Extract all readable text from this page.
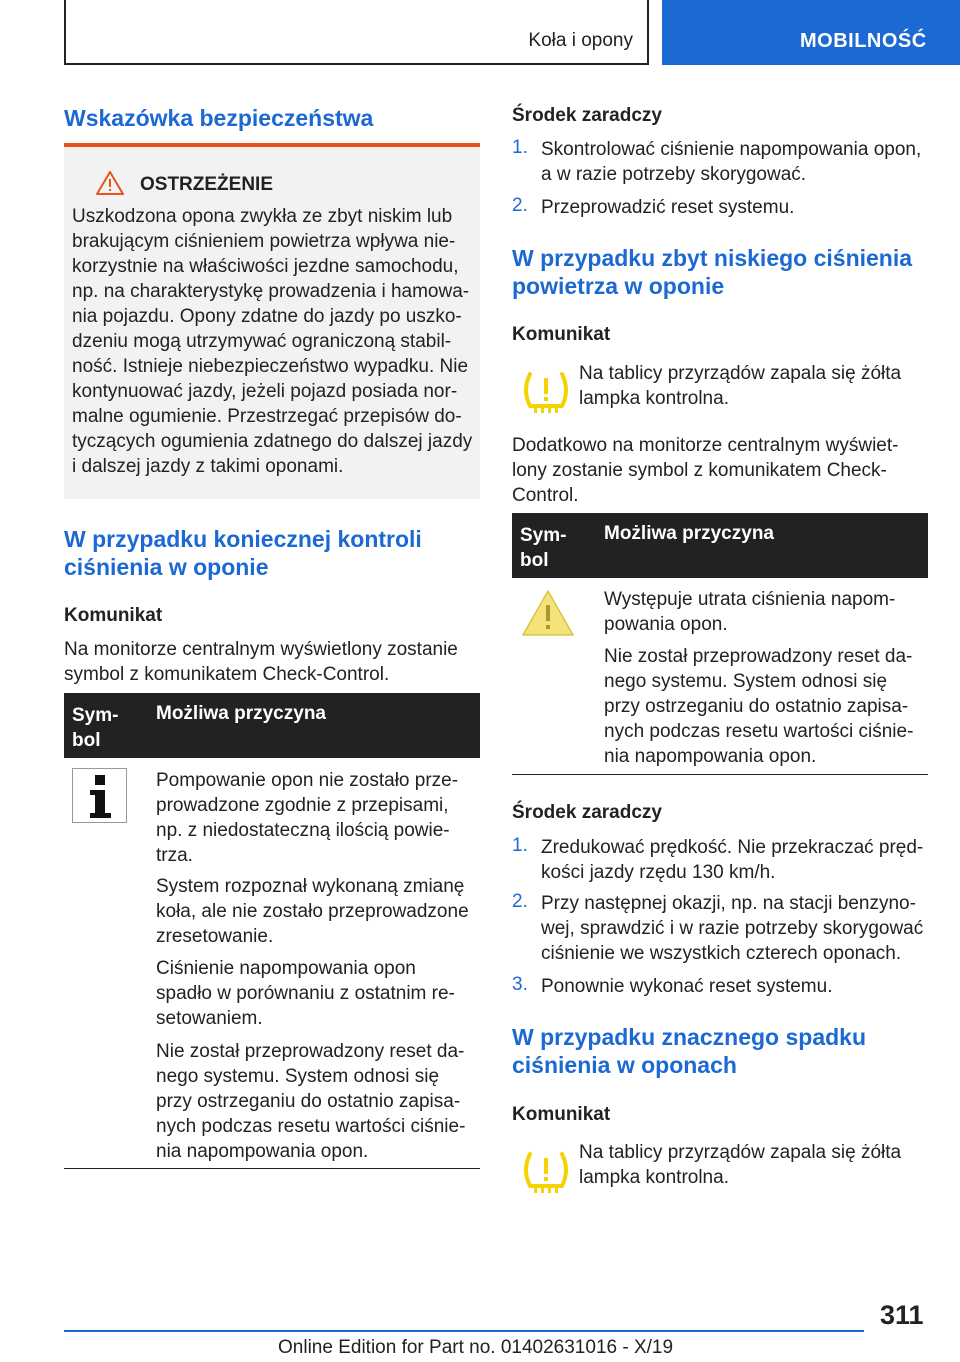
Koła i opony	MOBILNOŚĆ
Wskazówka bezpieczeństwa
OSTRZEŻENIE
Uszkodzona opona zwykła ze zbyt niskim lub
brakującym ciśnieniem powietrza wpływa nie-
korzystnie na właściwości jezdne samochodu,
np. na charakterystykę prowadzenia i hamowa-
nia pojazdu. Opony zdatne do jazdy po uszko-
dzeniu mogą utrzymywać ograniczoną stabil-
ność. Istnieje niebezpieczeństwo wypadku. Nie
kontynuować jazdy, jeżeli pojazd posiada nor-
malne ogumienie. Przestrzegać przepisów do-
tyczących ogumienia zdatnego do dalszej jazdy
i dalszej jazdy z takimi oponami.
W przypadku koniecznej kontroli
ciśnienia w oponie
Komunikat
Na monitorze centralnym wyświetlony zostanie
symbol z komunikatem Check-Control.
Sym-
bol
Możliwa przyczyna
Pompowanie opon nie zostało prze-
prowadzone zgodnie z przepisami,
np. z niedostateczną ilością powie-
trza.
System rozpoznał wykonaną zmianę
koła, ale nie zostało przeprowadzone
zresetowanie.
Ciśnienie napompowania opon
spadło w porównaniu z ostatnim re-
setowaniem.
Nie został przeprowadzony reset da-
nego systemu. System odnosi się
przy ostrzeganiu do ostatnio zapisa-
nych podczas resetu wartości ciśnie-
nia napompowania opon.
Środek zaradczy
1. Skontrolować ciśnienie napompowania opon,
a w razie potrzeby skorygować.
2. Przeprowadzić reset systemu.
W przypadku zbyt niskiego ciśnienia
powietrza w oponie
Komunikat
Na tablicy przyrządów zapala się żółta
lampka kontrolna.
Dodatkowo na monitorze centralnym wyświet-
lony zostanie symbol z komunikatem Check-
Control.
Sym-
bol
Możliwa przyczyna
Występuje utrata ciśnienia napom-
powania opon.
Nie został przeprowadzony reset da-
nego systemu. System odnosi się
przy ostrzeganiu do ostatnio zapisa-
nych podczas resetu wartości ciśnie-
nia napompowania opon.
Środek zaradczy
1. Zredukować prędkość. Nie przekraczać pręd-
kości jazdy rzędu 130 km/h.
2. Przy następnej okazji, np. na stacji benzyno-
wej, sprawdzić i w razie potrzeby skorygować
ciśnienie we wszystkich czterech oponach.
3. Ponownie wykonać reset systemu.
W przypadku znacznego spadku
ciśnienia w oponach
Komunikat
Na tablicy przyrządów zapala się żółta
lampka kontrolna.
311
Online Edition for Part no. 01402631016 - X/19
